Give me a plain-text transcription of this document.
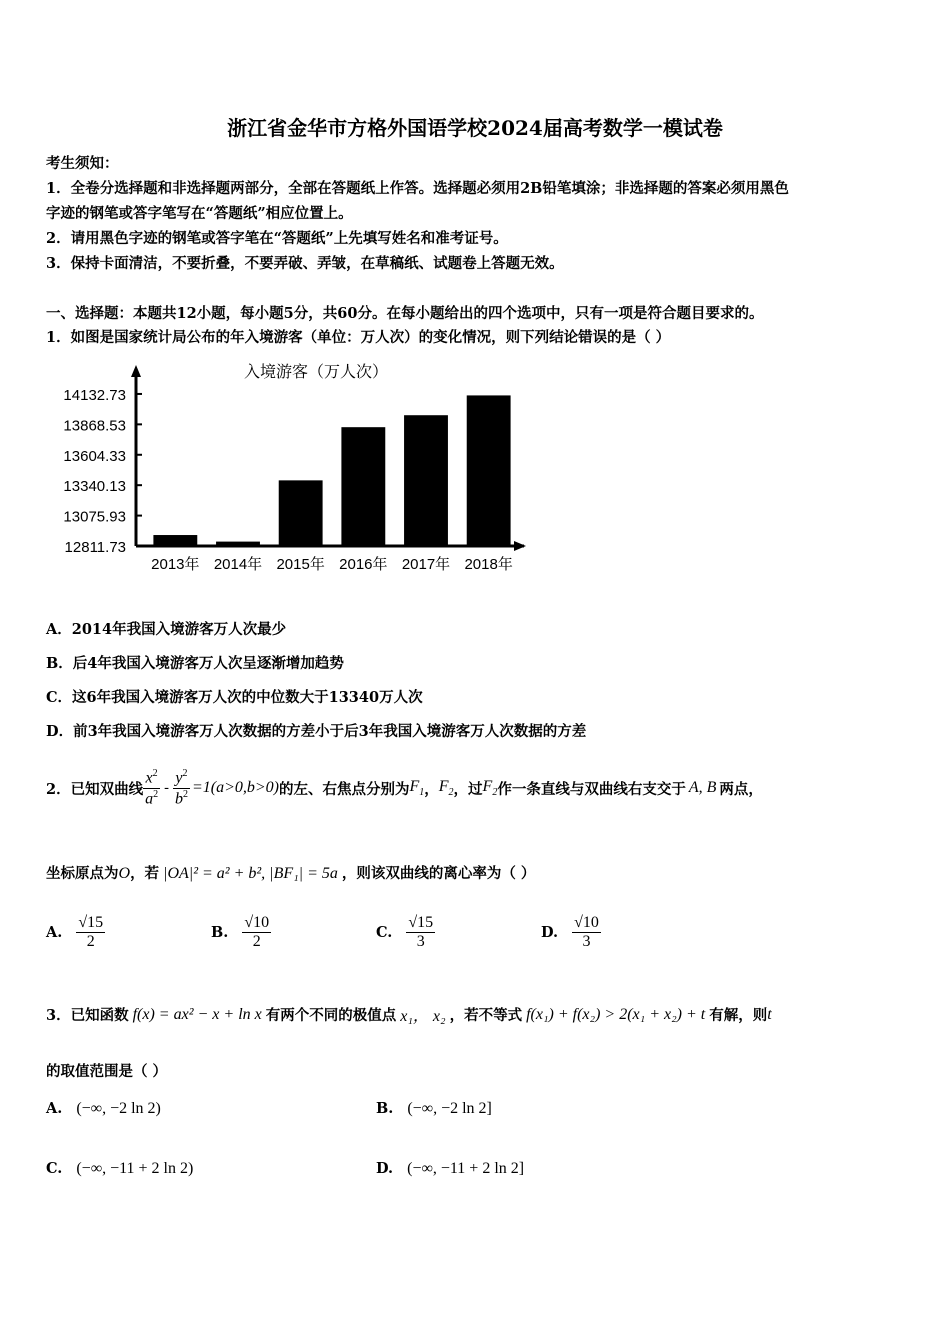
浙江省金华市方格外国语学校2024届高考数学一模试卷
考生须知：
1．全卷分选择题和非选择题两部分，全部在答题纸上作答。选择题必须用2B铅笔填涂；非选择题的答案必须用黑色
字迹的钢笔或答字笔写在“答题纸”相应位置上。
2．请用黑色字迹的钢笔或答字笔在“答题纸”上先填写姓名和准考证号。
3．保持卡面清洁，不要折叠，不要弄破、弄皱，在草稿纸、试题卷上答题无效。
一、选择题：本题共12小题，每小题5分，共60分。在每小题给出的四个选项中，只有一项是符合题目要求的。
1．如图是国家统计局公布的年入境游客（单位：万人次）的变化情况，则下列结论错误的是（ ）
入境游客（万人次）
12811.73
13075.93
13340.13
13604.33
13868.53
14132.73
2013年 2014年 2015年 2016年 2017年 2018年
A．2014年我国入境游客万人次最少
B．后4年我国入境游客万人次呈逐渐增加趋势
C．这6年我国入境游客万人次的中位数大于13340万人次
D．前3年我国入境游客万人次数据的方差小于后3年我国入境游客万人次数据的方差
2．已知双曲线 $\frac{x^2}{a^2} - \frac{y^2}{b^2} =1(a>0,b>0)$ 的左、右焦点分别为 $F_1$ ， $F_2$ ，过 $F_2$ 作一条直线与双曲线右支交于 A, B 两点，
坐标原点为O，若 |OA|² = a² + b², |BF₁| = 5a ，则该双曲线的离心率为（ ）
A. $\frac{√15}{2}$	B. $\frac{√10}{2}$	C. $\frac{√15}{3}$	D. $\frac{√10}{3}$
3．已知函数 f(x) = ax² − x + ln x 有两个不同的极值点 x₁， x₂ ，若不等式 f(x₁) + f(x₂) > 2(x₁ + x₂) + t 有解，则 t
的取值范围是（ ）
A. (−∞, −2 ln 2)	B. (−∞, −2 ln 2]
C. (−∞, −11 + 2 ln 2)	D. (−∞, −11 + 2 ln 2]
